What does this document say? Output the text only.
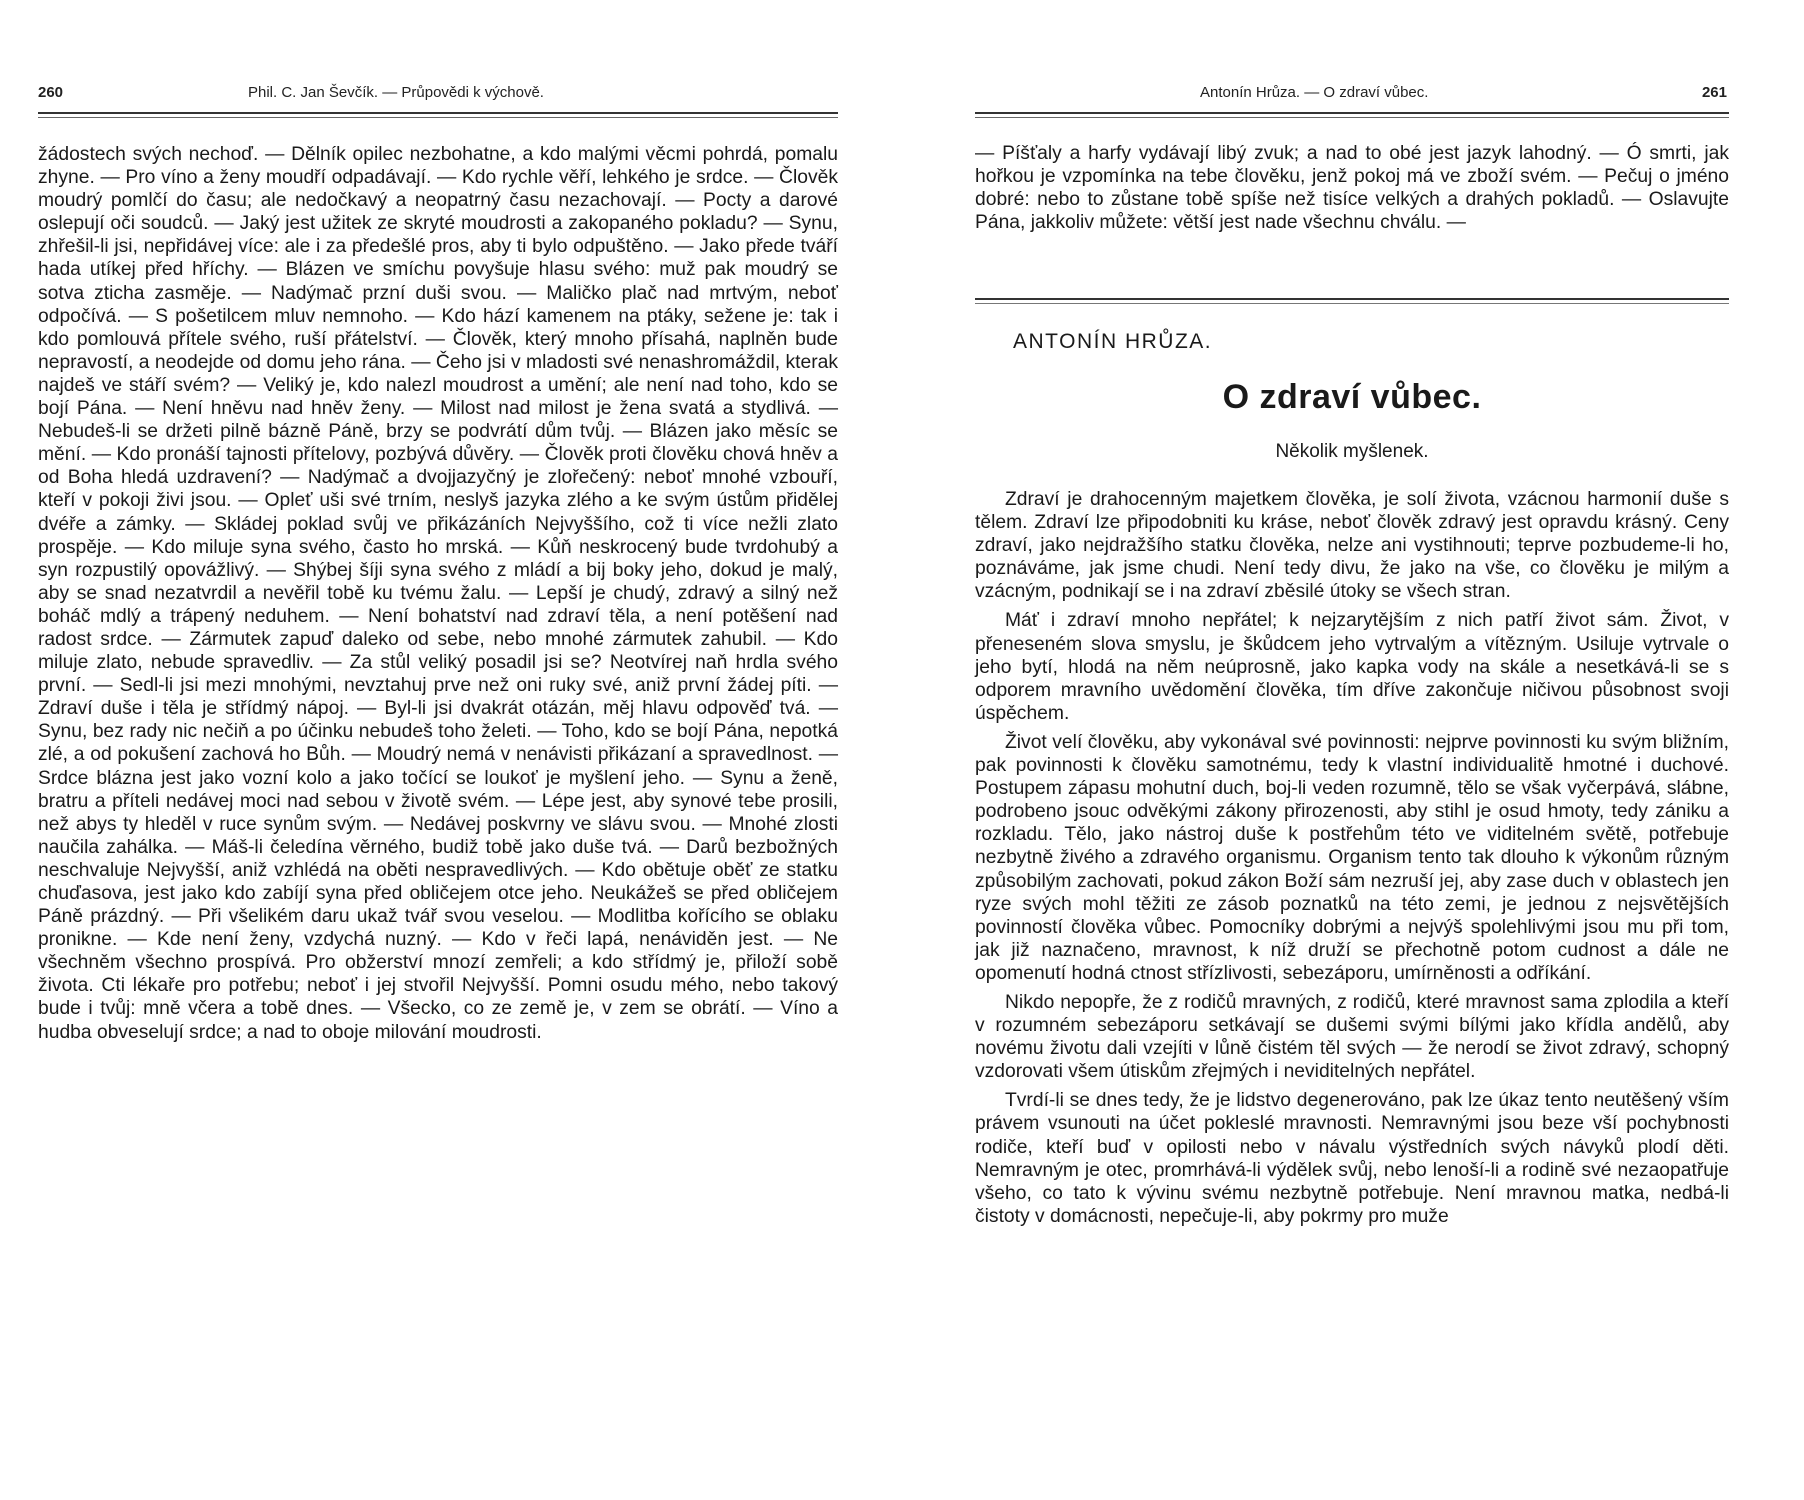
260	Phil. C. Jan Ševčík. — Průpovědi k výchově.

žádostech svých nechoď. — Dělník opilec nezbohatne, a kdo malými věcmi pohrdá, pomalu zhyne. — Pro víno a ženy moudří odpadávají. — Kdo rychle věří, lehkého je srdce. — Člověk moudrý pomlčí do času; ale nedočkavý a neopatrný času nezachovají. — Pocty a darové oslepují oči soudců. — Jaký jest užitek ze skryté moudrosti a zakopaného pokladu? — Synu, zhřešil-li jsi, nepřidávej více: ale i za předešlé pros, aby ti bylo odpuštěno. — Jako přede tváří hada utíkej před hříchy. — Blázen ve smíchu povyšuje hlasu svého: muž pak moudrý se sotva zticha zasměje. — Nadýmač przní duši svou. — Maličko plač nad mrtvým, neboť odpočívá. — S pošetilcem mluv nemnoho. — Kdo hází kamenem na ptáky, sežene je: tak i kdo pomlouvá přítele svého, ruší přátelství. — Člověk, který mnoho přísahá, naplněn bude nepravostí, a neodejde od domu jeho rána. — Čeho jsi v mladosti své nenashromáždil, kterak najdeš ve stáří svém? — Veliký je, kdo nalezl moudrost a umění; ale není nad toho, kdo se bojí Pána. — Není hněvu nad hněv ženy. — Milost nad milost je žena svatá a stydlivá. — Nebudeš-li se držeti pilně bázně Páně, brzy se podvrátí dům tvůj. — Blázen jako měsíc se mění. — Kdo pronáší tajnosti přítelovy, pozbývá důvěry. — Člověk proti člověku chová hněv a od Boha hledá uzdravení? — Nadýmač a dvojjazyčný je zlořečený: neboť mnohé vzbouří, kteří v pokoji živi jsou. — Opleť uši své trním, neslyš jazyka zlého a ke svým ústům přidělej dvéře a zámky. — Skládej poklad svůj ve přikázáních Nejvyššího, což ti více nežli zlato prospěje. — Kdo miluje syna svého, často ho mrská. — Kůň neskrocený bude tvrdohubý a syn rozpustilý opovážlivý. — Shýbej šíji syna svého z mládí a bij boky jeho, dokud je malý, aby se snad nezatvrdil a nevěřil tobě ku tvému žalu. — Lepší je chudý, zdravý a silný než boháč mdlý a trápený neduhem. — Není bohatství nad zdraví těla, a není potěšení nad radost srdce. — Zármutek zapuď daleko od sebe, nebo mnohé zármutek zahubil. — Kdo miluje zlato, nebude spravedliv. — Za stůl veliký posadil jsi se? Neotvírej naň hrdla svého první. — Sedl-li jsi mezi mnohými, nevztahuj prve než oni ruky své, aniž první žádej píti. — Zdraví duše i těla je střídmý nápoj. — Byl-li jsi dvakrát otázán, měj hlavu odpověď tvá. — Synu, bez rady nic nečiň a po účinku nebudeš toho želeti. — Toho, kdo se bojí Pána, nepotká zlé, a od pokušení zachová ho Bůh. — Moudrý nemá v nenávisti přikázaní a spravedlnost. — Srdce blázna jest jako vozní kolo a jako točící se loukoť je myšlení jeho. — Synu a ženě, bratru a příteli nedávej moci nad sebou v životě svém. — Lépe jest, aby synové tebe prosili, než abys ty hleděl v ruce synům svým. — Nedávej poskvrny ve slávu svou. — Mnohé zlosti naučila zahálka. — Máš-li čeledína věrného, budiž tobě jako duše tvá. — Darů bezbožných neschvaluje Nejvyšší, aniž vzhlédá na oběti nespravedlivých. — Kdo obětuje oběť ze statku chuďasova, jest jako kdo zabíjí syna před obličejem otce jeho. Neukážeš se před obličejem Páně prázdný. — Při všelikém daru ukaž tvář svou veselou. — Modlitba kořícího se oblaku pronikne. — Kde není ženy, vzdychá nuzný. — Kdo v řeči lapá, nenáviděn jest. — Ne všechněm všechno prospívá. Pro obžerství mnozí zemřeli; a kdo střídmý je, přiloží sobě života. Cti lékaře pro potřebu; neboť i jej stvořil Nejvyšší. Pomni osudu mého, nebo takový bude i tvůj: mně včera a tobě dnes. — Všecko, co ze země je, v zem se obrátí. — Víno a hudba obveselují srdce; a nad to oboje milování moudrosti.

Antonín Hrůza. — O zdraví vůbec.	261

— Píšťaly a harfy vydávají libý zvuk; a nad to obé jest jazyk lahodný. — Ó smrti, jak hořkou je vzpomínka na tebe člověku, jenž pokoj má ve zboží svém. — Pečuj o jméno dobré: nebo to zůstane tobě spíše než tisíce velkých a drahých pokladů. — Oslavujte Pána, jakkoliv můžete: větší jest nade všechnu chválu. —

ANTONÍN HRŮZA.
O zdraví vůbec.
Několik myšlenek.

Zdraví je drahocenným majetkem člověka, je solí života, vzácnou harmonií duše s tělem. Zdraví lze připodobniti ku kráse, neboť člověk zdravý jest opravdu krásný. Ceny zdraví, jako nejdražšího statku člověka, nelze ani vystihnouti; teprve pozbudeme-li ho, poznáváme, jak jsme chudi. Není tedy divu, že jako na vše, co člověku je milým a vzácným, podnikají se i na zdraví zběsilé útoky se všech stran.

Máť i zdraví mnoho nepřátel; k nejzarytějším z nich patří život sám. Život, v přeneseném slova smyslu, je škůdcem jeho vytrvalým a vítězným. Usiluje vytrvale o jeho bytí, hlodá na něm neúprosně, jako kapka vody na skále a nesetkává-li se s odporem mravního uvědomění člověka, tím dříve zakončuje ničivou působnost svoji úspěchem.

Život velí člověku, aby vykonával své povinnosti: nejprve povinnosti ku svým bližním, pak povinnosti k člověku samotnému, tedy k vlastní individualitě hmotné i duchové. Postupem zápasu mohutní duch, boj-li veden rozumně, tělo se však vyčerpává, slábne, podrobeno jsouc odvěkými zákony přirozenosti, aby stihl je osud hmoty, tedy zániku a rozkladu. Tělo, jako nástroj duše k postřehům této ve viditelném světě, potřebuje nezbytně živého a zdravého organismu. Organism tento tak dlouho k výkonům různým způsobilým zachovati, pokud zákon Boží sám nezruší jej, aby zase duch v oblastech jen ryze svých mohl těžiti ze zásob poznatků na této zemi, je jednou z nejsvětějších povinností člověka vůbec. Pomocníky dobrými a nejvýš spolehlivými jsou mu při tom, jak již naznačeno, mravnost, k níž druží se přechotně potom cudnost a dále ne opomenutí hodná ctnost střízlivosti, sebezáporu, umírněnosti a odříkání.

Nikdo nepopře, že z rodičů mravných, z rodičů, které mravnost sama zplodila a kteří v rozumném sebezáporu setkávají se dušemi svými bílými jako křídla andělů, aby novému životu dali vzejíti v lůně čistém těl svých — že nerodí se život zdravý, schopný vzdorovati všem útiskům zřejmých i neviditelných nepřátel.

Tvrdí-li se dnes tedy, že je lidstvo degenerováno, pak lze úkaz tento neutěšený vším právem vsunouti na účet pokleslé mravnosti. Nemravnými jsou beze vší pochybnosti rodiče, kteří buď v opilosti nebo v návalu výstředních svých návyků plodí děti. Nemravným je otec, promrhává-li výdělek svůj, nebo lenoší-li a rodině své nezaopatřuje všeho, co tato k vývinu svému nezbytně potřebuje. Není mravnou matka, nedbá-li čistoty v domácnosti, nepečuje-li, aby pokrmy pro muže
